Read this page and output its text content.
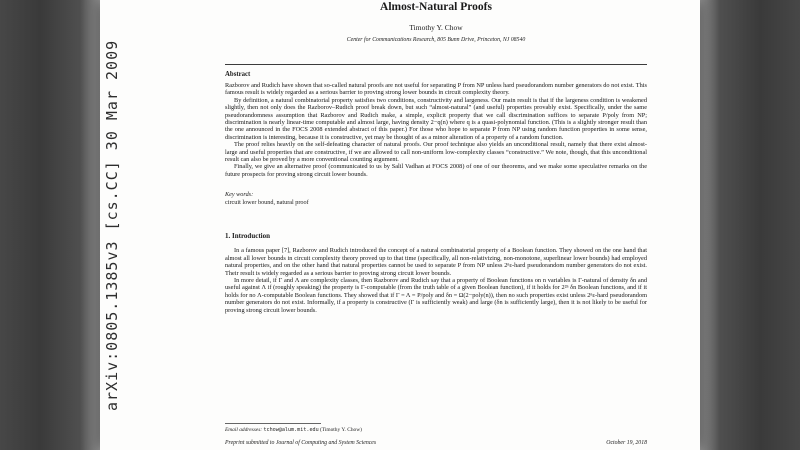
arXiv:0805.1385v3 [cs.CC] 30 Mar 2009
Almost-Natural Proofs
Timothy Y. Chow
Center for Communications Research, 805 Bunn Drive, Princeton, NJ 08540
Abstract

Razborov and Rudich have shown that so-called natural proofs are not useful for separating P from NP unless hard pseudorandom number generators do not exist. This famous result is widely regarded as a serious barrier to proving strong lower bounds in circuit complexity theory.

By definition, a natural combinatorial property satisfies two conditions, constructivity and largeness. Our main result is that if the largeness condition is weakened slightly, then not only does the Razborov–Rudich proof break down, but such “almost-natural” (and useful) properties provably exist. Specifically, under the same pseudorandomness assumption that Razborov and Rudich make, a simple, explicit property that we call discrimination suffices to separate P/poly from NP; discrimination is nearly linear-time computable and almost large, having density 2−q(n) where q is a quasi-polynomial function. (This is a slightly stronger result than the one announced in the FOCS 2008 extended abstract of this paper.) For those who hope to separate P from NP using random function properties in some sense, discrimination is interesting, because it is constructive, yet may be thought of as a minor alteration of a property of a random function.

The proof relies heavily on the self-defeating character of natural proofs. Our proof technique also yields an unconditional result, namely that there exist almost-large and useful properties that are constructive, if we are allowed to call non-uniform low-complexity classes “constructive.” We note, though, that this unconditional result can also be proved by a more conventional counting argument.

Finally, we give an alternative proof (communicated to us by Salil Vadhan at FOCS 2008) of one of our theorems, and we make some speculative remarks on the future prospects for proving strong circuit lower bounds.

Key words:
circuit lower bound, natural proof
1. Introduction

In a famous paper [7], Razborov and Rudich introduced the concept of a natural combinatorial property of a Boolean function. They showed on the one hand that almost all lower bounds in circuit complexity theory proved up to that time (specifically, all non-relativizing, non-monotone, superlinear lower bounds) had employed natural properties, and on the other hand that natural properties cannot be used to separate P from NP unless 2ⁿε-hard pseudorandom number generators do not exist. Their result is widely regarded as a serious barrier to proving strong circuit lower bounds.

In more detail, if Γ and Λ are complexity classes, then Razborov and Rudich say that a property of Boolean functions on n variables is Γ-natural of density δn and useful against Λ if (roughly speaking) the property is Γ-computable (from the truth table of a given Boolean function), if it holds for 2²ⁿ δn Boolean functions, and if it holds for no Λ-computable Boolean functions. They showed that if Γ = Λ = P/poly and δn = Ω(2−poly(n)), then no such properties exist unless 2ⁿε-hard pseudorandom number generators do not exist. Informally, if a property is constructive (Γ is sufficiently weak) and large (δn is sufficiently large), then it is not likely to be useful for proving strong circuit lower bounds.

Email addresses: tchow@alum.mit.edu (Timothy Y. Chow)
Preprint submitted to Journal of Computing and System Sciences	October 19, 2018
